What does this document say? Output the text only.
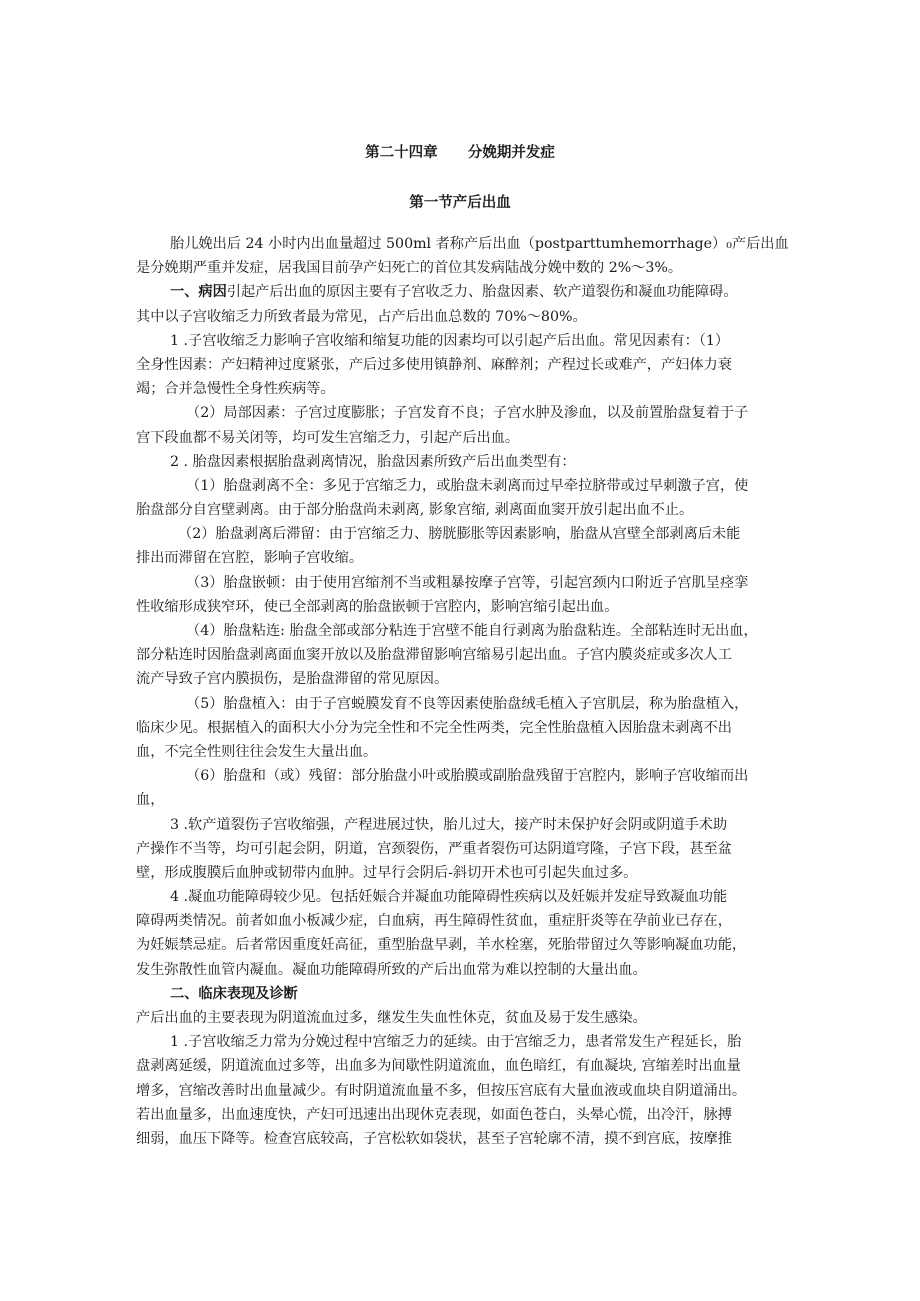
第二十四章      分娩期并发症
第一节产后出血
胎儿娩出后 24 小时内出血量超过 500ml 者称产后出血（postparttumhemorrhage）₀产后出血
是分娩期严重并发症，居我国目前孕产妇死亡的首位其发病陆战分娩中数的 2%～3%。
一、病因引起产后出血的原因主要有子宫收乏力、胎盘因素、软产道裂伤和凝血功能障碍。
其中以子宫收缩乏力所致者最为常见，占产后出血总数的 70%～80%。
1 .子宫收缩乏力影响子宫收缩和缩复功能的因素均可以引起产后出血。常见因素有：（1）
全身性因素：产妇精神过度紧张，产后过多使用镇静剂、麻醉剂；产程过长或难产，产妇体力衰
竭；合并急慢性全身性疾病等。
（2）局部因素：子宫过度膨胀；子宫发育不良；子宫水肿及渗血，以及前置胎盘复着于子
宫下段血都不易关闭等，均可发生宫缩乏力，引起产后出血。
2 . 胎盘因素根据胎盘剥离情况，胎盘因素所致产后出血类型有：
（1）胎盘剥离不全：多见于宫缩乏力，或胎盘未剥离而过早牵拉脐带或过早刺激子宫，使
胎盘部分自宫壁剥离。由于部分胎盘尚未剥离, 影象宫缩, 剥离面血窦开放引起出血不止。
（2）胎盘剥离后滞留：由于宫缩乏力、膀胱膨胀等因素影响，胎盘从宫壁全部剥离后未能
排出而滞留在宫腔，影响子宫收缩。
（3）胎盘嵌顿：由于使用宫缩剂不当或粗暴按摩子宫等，引起宫颈内口附近子宫肌呈痉挛
性收缩形成狭窄环，使已全部剥离的胎盘嵌顿于宫腔内，影响宫缩引起出血。
（4）胎盘粘连: 胎盘全部或部分粘连于宫壁不能自行剥离为胎盘粘连。全部粘连时无出血，
部分粘连时因胎盘剥离面血窦开放以及胎盘滞留影响宫缩易引起出血。子宫内膜炎症或多次人工
流产导致子宫内膜损伤，是胎盘滞留的常见原因。
（5）胎盘植入：由于子宫蜕膜发育不良等因素使胎盘绒毛植入子宫肌层，称为胎盘植入，
临床少见。根据植入的面积大小分为完全性和不完全性两类，完全性胎盘植入因胎盘未剥离不出
血，不完全性则往往会发生大量出血。
（6）胎盘和（或）残留：部分胎盘小叶或胎膜或副胎盘残留于宫腔内，影响子宫收缩而出
血，
3 .软产道裂伤子宫收缩强，产程进展过快，胎儿过大，接产时未保护好会阴或阴道手术助
产操作不当等，均可引起会阴，阴道，宫颈裂伤，严重者裂伤可达阴道穹隆，子宫下段，甚至盆
壁，形成腹膜后血肿或韧带内血肿。过早行会阴后-斜切开术也可引起失血过多。
4 .凝血功能障碍较少见。包括妊娠合并凝血功能障碍性疾病以及妊娠并发症导致凝血功能
障碍两类情况。前者如血小板减少症，白血病，再生障碍性贫血，重症肝炎等在孕前业已存在，
为妊娠禁忌症。后者常因重度妊高征，重型胎盘早剥，羊水栓塞，死胎带留过久等影响凝血功能，
发生弥散性血管内凝血。凝血功能障碍所致的产后出血常为难以控制的大量出血。
二、临床表现及诊断
产后出血的主要表现为阴道流血过多，继发生失血性休克，贫血及易于发生感染。
1 .子宫收缩乏力常为分娩过程中宫缩乏力的延续。由于宫缩乏力，患者常发生产程延长，胎
盘剥离延缓，阴道流血过多等，出血多为间歇性阴道流血，血色暗红，有血凝块, 宫缩差时出血量
增多，宫缩改善时出血量减少。有时阴道流血量不多，但按压宫底有大量血液或血块自阴道涌出。
若出血量多，出血速度快，产妇可迅速出出现休克表现，如面色苍白，头晕心慌，出冷汗，脉搏
细弱，血压下降等。检查宫底较高，子宫松软如袋状，甚至子宫轮廓不清，摸不到宫底，按摩推
